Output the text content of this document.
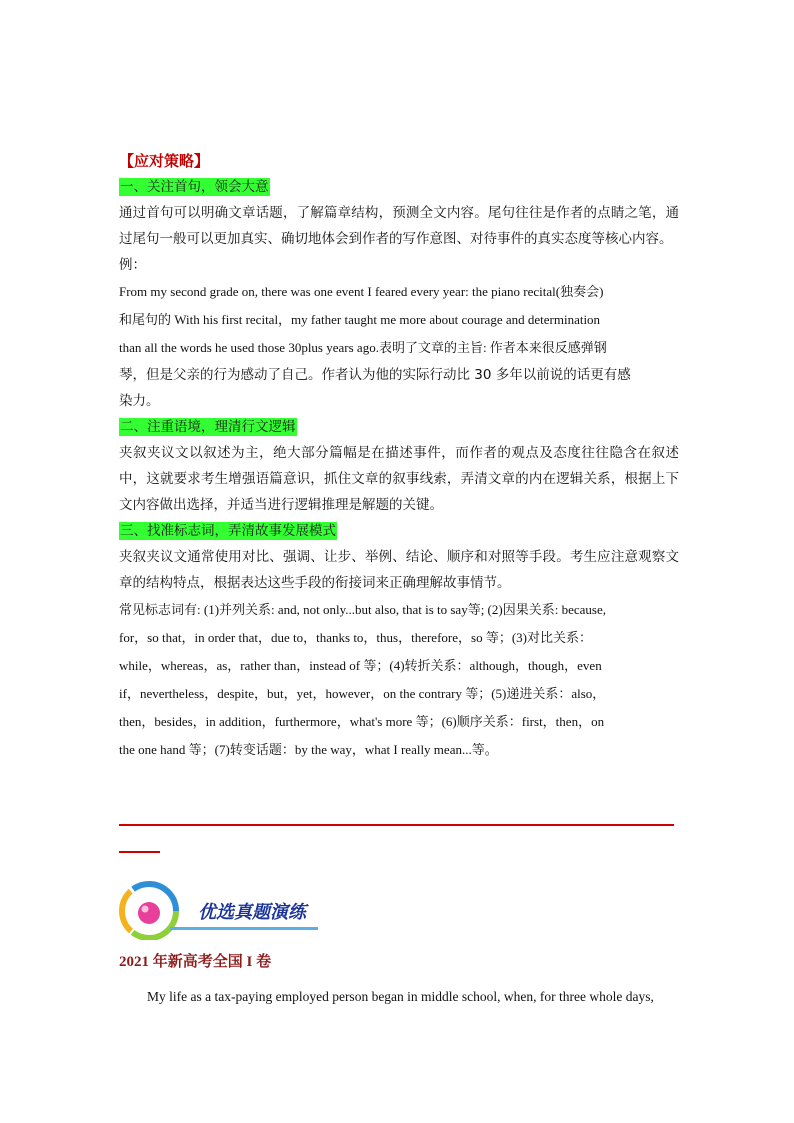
【应对策略】

一、关注首句，领会大意

通过首句可以明确文章话题，了解篇章结构，预测全文内容。尾句往往是作者的点睛之笔，通过尾句一般可以更加真实、确切地体会到作者的写作意图、对待事件的真实态度等核心内容。

例：

From my second grade on, there was one event I feared every year: the piano recital(独奏会)

和尾句的 With his first recital，my father taught me more about courage and determination

than all the words he used those 30plus years ago.表明了文章的主旨: 作者本来很反感弹钢

琴，但是父亲的行为感动了自己。作者认为他的实际行动比 30 多年以前说的话更有感

染力。

二、注重语境，理清行文逻辑

夹叙夹议文以叙述为主，绝大部分篇幅是在描述事件，而作者的观点及态度往往隐含在叙述中，这就要求考生增强语篇意识，抓住文章的叙事线索，弄清文章的内在逻辑关系，根据上下文内容做出选择，并适当进行逻辑推理是解题的关键。

三、找准标志词，弄清故事发展模式

夹叙夹议文通常使用对比、强调、让步、举例、结论、顺序和对照等手段。考生应注意观察文章的结构特点，根据表达这些手段的衔接词来正确理解故事情节。

常见标志词有: (1)并列关系: and, not only...but also, that is to say等; (2)因果关系: because,

for，so that，in order that，due to，thanks to，thus，therefore，so 等；(3)对比关系：

while，whereas，as，rather than，instead of 等；(4)转折关系：although，though，even

if，nevertheless，despite，but，yet，however，on the contrary 等；(5)递进关系：also，

then，besides，in addition，furthermore，what's more 等；(6)顺序关系：first，then，on

the one hand 等；(7)转变话题：by the way，what I really mean...等。

优选真题演练

2021 年新高考全国 I 卷

My life as a tax-paying employed person began in middle school, when, for three whole days,
